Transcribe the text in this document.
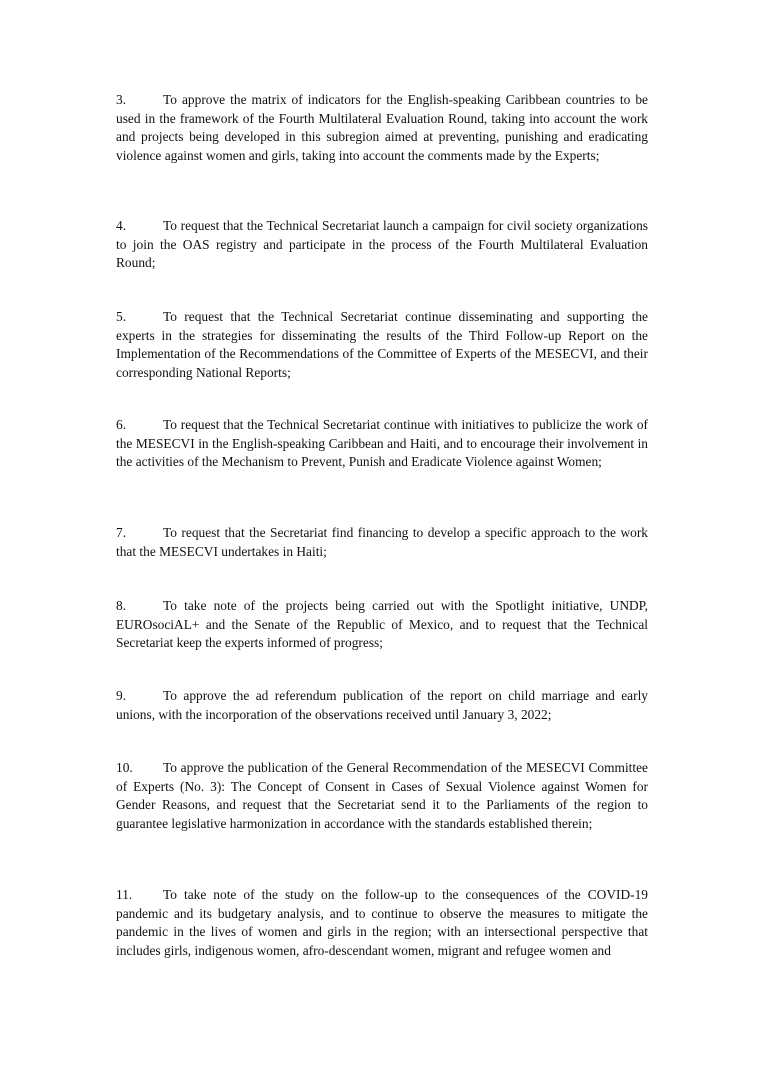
3.	To approve the matrix of indicators for the English-speaking Caribbean countries to be used in the framework of the Fourth Multilateral Evaluation Round, taking into account the work and projects being developed in this subregion aimed at preventing, punishing and eradicating violence against women and girls, taking into account the comments made by the Experts;

4.	To request that the Technical Secretariat launch a campaign for civil society organizations to join the OAS registry and participate in the process of the Fourth Multilateral Evaluation Round;

5.	To request that the Technical Secretariat continue disseminating and supporting the experts in the strategies for disseminating the results of the Third Follow-up Report on the Implementation of the Recommendations of the Committee of Experts of the MESECVI, and their corresponding National Reports;

6.	To request that the Technical Secretariat continue with initiatives to publicize the work of the MESECVI in the English-speaking Caribbean and Haiti, and to encourage their involvement in the activities of the Mechanism to Prevent, Punish and Eradicate Violence against Women;

7.	To request that the Secretariat find financing to develop a specific approach to the work that the MESECVI undertakes in Haiti;

8.	To take note of the projects being carried out with the Spotlight initiative, UNDP, EUROsociAL+ and the Senate of the Republic of Mexico, and to request that the Technical Secretariat keep the experts informed of progress;

9.	To approve the ad referendum publication of the report on child marriage and early unions, with the incorporation of the observations received until January 3, 2022;

10. To approve the publication of the General Recommendation of the MESECVI Committee of Experts (No. 3): The Concept of Consent in Cases of Sexual Violence against Women for Gender Reasons, and request that the Secretariat send it to the Parliaments of the region to guarantee legislative harmonization in accordance with the standards established therein;

11. To take note of the study on the follow-up to the consequences of the COVID-19 pandemic and its budgetary analysis, and to continue to observe the measures to mitigate the pandemic in the lives of women and girls in the region; with an intersectional perspective that includes girls, indigenous women, afro-descendant women, migrant and refugee women and
